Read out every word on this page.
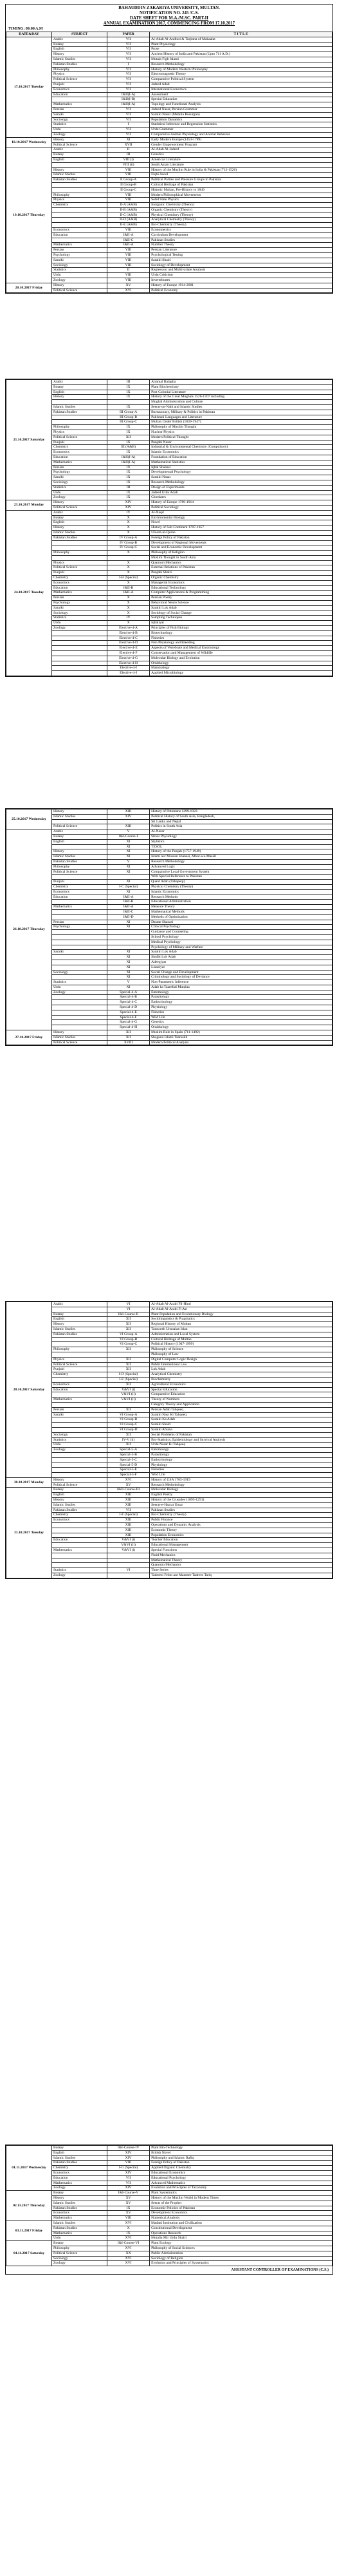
BAHAUDDIN ZAKARIYA UNIVERSITY, MULTAN.
NOTIFICATION NO. 245 /C.S.
DATE SHEET FOR M.A./M.SC. PART-II
ANNUAL EXAMINATION 2017, COMMENCING FROM 17.10.2017
TIMING: 09:00 A.M
DATE&DAY	SUBJECT	PAPER	T I T L E
17.10.2017 Tuesday	Arabic	VII	Al-Adab Al-Andlusi & Tarjuma of Makaalat
	Botany	VII	Plant Physiology
	English	VII	Prose
	History	VII	Ancient History of India and Pakistan (Upto 711 A.D.)
	Islamic Studies	VII	Mutala Figh Islami
	Pakistan Studies	I	Research Methodology
	Philosophy	VII	History of Modern Western Philosophy
	Physics	VII	Electromagnetic Theory
	Political Science	VII	Comparative Political System
	Punjabi	VII	Jadeed Adab
	Economics	VII	International Economics
	Education	I&II(I-A)	Assessment
		I&II(I-B)	Special Education
	Mathematics	I&II(I-A)	Topology and Functional Analysis
	Persian	VII	Jadeed Nasar, Persian Grammar
	Saraiki	VII	Saraiki Nasar (Mutalia Rusurgan)
	Sociology	VII	Population Dynamics
	Statistics	I	Statistical Inference and Regression Statistics
	Urdu	VII	Urdu Grammar
	Zoology	VII	Comparative Animal Physiology and Animal Behavior
18.10.2017 Wednesday	History	XI	Early Modern Europe (1453-1789)
	Political Science	XVII	Gender Empowerment Program
19.10.2017 Thursday	Arabic	II	Al-Adab Al-Jadeed
	Botany	III	Genetics
	English	VIII (i)	American Literature
		VIII (ii)	South Asian Literature
	History	VIII	History of the Muslim Rule in India & Pakistan (712-1526)
	Islamic Studies	VIII	Fiqhi Asool
	Pakistan Studies	II Group-A	Political Parties and Pressure Groups in Pakistan
		II Group-B	Cultural Heritage of Pakistan
		II Group-C	Historic Multan, Pre-History to 1849
	Philosophy	VIII	Modern Philosophical Movements
	Physics	VIII	Solid State Physics
	Chemistry	II-A (A&B)	Inorganic Chemistry (Theory)
		II-B (A&B)	Organic Chemistry (Theory)
		II-C (A&B)	Physical Chemistry (Theory)
		II-D (A&B)	Analytical Chemistry (Theory)
		II-E (A&B)	Bio-Chemistry (Theory)
	Economics	VIII	Econometrics
	Education	I&II-A	Curriculum Development
		I&II-C	Pakistan Studies
	Mathematics	I&II-A	Number Theory
	Persian	VIII	Persian Literature
	Psychology	VIII	Psychological Testing
	Saraiki	VIII	Saraiki Shairi
	Sociology	VIII	Sociology of Development
	Statistics	II	Regression and Multivariate Analysis
	Urdu	VIII	Urdu Criticism
	Zoology	VIII	Invertebrates
20.10.2017 Friday	History	XV	History of Europe 1914-2001
	Political Science	XVI	Political Economy
21.10.2017 Saturday	Arabic	III	Alramal Balagha
	Botany	IX	Plant Biochemistry
	English	IX	Post Colonial Literature
	History	IX	History of the Great Mughals 1526-1707 including
			Mughal Administration and Culture
	Islamic Studies	IX	Seerat-un-Nabi and Islamic Studies
	Pakistan Studies	III Group-A	Bureaucracy, Military & Politics in Pakistan
		III Group-B	Pakistani Languages and Literature
		III Group-C	Multan Under British (1849-1947)
	Philosophy	IX	Philosophy of Muslim Thought
	Physics	IX	Nuclear Physics
	Political Science	XII	Modern Political Thought
	Punjabi	IX	Punjabi Nasar
	Chemistry	III (A&B)	Industrial & Environmental Chemistry (Compulsory)
	Economics	IX	Islamic Economics
	Education	I&II(I-A)	Foundation of Education
	Mathematics	I&II(I-A)	Mathematical Statistics
	Persian	IX	Iqbal Shanasi
	Psychology	IX	Developmental Psychology
	Saraiki	IX	Saraiki Nasar
	Sociology	IX	Research Methodology
	Statistics	III	Design of Experiments
	Urdu	IX	Jadeed Urdu Adab
	Zoology	IX	Chordates
23.10.2017 Monday	History	XIV	History of Europe 1789-1914
	Political Science	XIV	Political Sociology
24.10.2017 Tuesday	Arabic	IV	Al-Naqd
	Botany	X	Environmental Biology
	English	X	Novel
	History	X	History of Sub Continent 1707-1857
	Islamic Studies	X	Uloom-ul-Quran
	Pakistan Studies	IV Group-A	Foreign Policy of Pakistan
		IV Group-B	Development of Regional Movements
		IV Group-C	Social and Economic Development
	Philosophy	X	Philosophy of Religion
			Muslim Thought in South Asia
	Physics	X	Quantum Mechanics
	Political Science	X	External Relations of Pakistan
	Punjabi	X	Punjabi Shairi
	Chemistry	I-B (Special)	Organic Chemistry
	Economics	X	Managerial Economics
	Education	I&II-B	Educational Technology
	Mathematics	I&II-A	Computer Applications & Programming
	Persian	X	Persian Poetry
	Psychology	X	Behavioral Neuro Science
	Saraiki	X	Saraiki Lok Adab
	Sociology	X	Sociology of Social Change
	Statistics	IV	Sampling Techniques
	Urdu	X	Iqbaliyat
	Zoology	Elective-4-A	Principles of Fish Biology
		Elective-4-B	Biotechnology
		Elective-4-C	Fisheries
		Elective-4-D	Fish Physiology and Breeding
		Elective-4-E	Aspects of Vertebrate and Medical Entomology
		Elective-4-F	Conservation and Management of Wildlife
		Elective-4-G	Molecular Biology and Evolution
		Elective-4-H	Ornithology
		Elective-4-I	Mammalogy
		Elective-4-J	Applied Microbiology
25.10.2017 Wednesday	History	XIII	History of Ottomans 1299-1923
	Islamic Studies	XIV	Political History of South Asia, Bangladesh,
			Sri Lanka and Nepal
	Political Science	XIII	Politics in South Asia
26.10.2017 Thursday	Arabic	V	Al-Nasar
	Botany	I&I-Course-I	Stress Physiology
	English	XI	Stylistics
		XI	TESOL
	History	XI	History of the Punjab (1757-1949)
	Islamic Studies	XI	Islami aur Mussan Shanasi, Afkar-wa-Masail
	Pakistan Studies	V	Research Methodology
	Philosophy	XI	Advanced Logic
	Political Science	XI	Comparative Local Government System
			With Special Reference to Pakistan
	Punjabi	XI	Quaid Adab (Tahqeeqi)
	Chemistry	I-C (Special)	Physical Chemistry (Theory)
	Economics	XI	Islamic Economics
	Education	I&II-A	Research Methods
		I&II-B	Educational Administration
	Mathematics	I&II-A	Measure Theory
		I&II-C	Mathematical Methods
		I&II-D	Methods of Optimization
	Persian	XI	Dastan Shanasi
	Psychology	XI	Clinical Psychology
			Guidance and Counseling
			School Psychology
			Medical Psychology
			Psychology of Military and Warfare
	Saraiki	XI	Saraiki Lok Adab
		XI	Sindhi Lok Adab
		XI	Adeegiyat
		XI	Lisaniyat
	Sociology	XI	Social Change and Development
		XI	Criminology and Sociology of Deviance
	Statistics	V	Non-Parametric Inference
	Urdu	XI	Adab ka Taarefati Mutalaa
	Zoology	Special-4-A	Entomology
		Special-4-B	Parasitology
		Special-4-C	Endocrinology
		Special-4-D	Physiology
		Special-4-E	Fisheries
		Special-4-F	Wild Life
		Special-4-G	Genetics
		Special-4-H	Ornithology
27.10.2017 Friday	History	XII	Muslim Rule in Spain (711-1492)
	Islamic Studies	XII	Shaguna Islami Taareekh
	Political Science	XVIII	Modern Political Analysis
28.10.2017 Saturday	Arabic	VI	Al-Adab Al-Arabi Fil-Hind
		VI	Al-Adab Al-Arabi Fi Asr
	Botany	I&I-Course-II	Plant Population and Evolutionary Biology
	English	XII	Sociolinguistics & Pragmatics
	History	XII	Regional History of Multan
	Islamic Studies	XII	Taraweeh Unsoalan Islan
	Pakistan Studies	VI Group-A	Administration and Local System
		VI Group-B	Cultural Heritage of Multan
		VI Group-C	Political History (1947-1999)
	Philosophy	XII	Philosophy of Science
			Philosophy of Law
	Physics	XII	Digital Computer Logic Design
	Political Science	XII	Public International Law
	Punjabi	XII	Lok Adab
	Chemistry	I-D (Special)	Analytical Chemistry
		I-E (Special)	Biochemistry
	Economics	XII	Agricultural Economics
	Education	V&VI (i)	Special Education
		V&VI (ii)	Comparative Education
	Mathematics	V&VI (ii)	Theory of Numbers
			Category Theory and Application
	Persian	XII	Persian Adab Tahqeeq
	Saraiki	VI Group-A	Saraiki Nasr Ki Tahqeeq
		VI Group-B	Saraiki Ka Adab
		VI Group-C	Saraiki Shairi
		VI Group-D	Saraiki Afsana
	Sociology	XII	Social Problems of Pakistan
	Statistics	IV-V (ii)	Bio-Statistics, Epidemiology and Survival Analysis
	Urdu	XII	Urdu Nasar Ki Tahqeeq
	Zoology	Special-5-A	Entomology
		Special-5-B	Parasitology
		Special-5-C	Endocrinology
		Special-5-D	Physiology
		Special-5-E	Fisheries
		Special-5-F	Wild Life
30.10.2017 Monday	History	XVI	History of USA 1765-1919
	Political Science	XV	Research Methodology
31.10.2017 Tuesday	Botany	I&II-Course-III	Molecular Biology
	English	XIII	English Poetry
	History	XIII	History of the Crusades (1095-1291)
	Islamic Studies	XIII	Seerat-e-Hazrat Umar
	Pakistan Studies	VII	Pakistan Studies
	Chemistry	I-F (Special)	Bio-Chemistry (Theory)
	Economics	XIII	Public Finance
		XIII	Operations and Dynamic Analysis
		XIII	Economic Theory
		XIII	Population Economics
	Education	V&VI (i)	Teacher Education
		V&VI (ii)	Educational Management
	Mathematics	V&VI (i)	Special Functions
			Fluid Mechanics
			Mathematical Theory
			Quantum Mechanics
	Statistics	VI	Time Series
	Zoology		Tadreesi Fehm aur Manmee Tadrees Tariq
01.11.2017 Wednesday	Botany	I&I-Course-IV	Plant Bio-Technology
	English	XIV	British Novel
	Islamic Studies	XIV	Philosophy and Islamic Rafiq
	Pakistan Studies	VIII	Foreign Policy of Pakistan
	Chemistry	I-G (Special)	Applied Organic Chemistry
	Economics	XIV	Educational Economics
	Education	VII	Educational Psychology
	Mathematics	VII	Advanced Mathematics
	Zoology	XIV	Evolution and Principles of Taxonomy
02.11.2017 Thursday	Botany	I&I-Course-V	Plant Systematics
	History	XV	History of the Muslim World in Modern Times
	Islamic Studies	XV	Seerat of the Prophet
	Pakistan Studies	IX	Economic Policies of Pakistan
	Economics	XV	Development Economics
	Mathematics	VIII	Numerical Analysis
03.11.2017 Friday	Islamic Studies	XVI	Madani Institution and Civilization
	Pakistan Studies	X	Constitutional Development
	Mathematics	IX	Operations Research
	Urdu	XVI	Mutalia Mir Urdu Shairi
04.11.2017 Saturday	Botany	I&I-Course-VI	Plant Ecology
	Philosophy	XVI	Philosophy of Social Sciences
	Political Science	XX	Public Administration
	Sociology	XVI	Sociology of Religion
	Zoology	XVI	Evolution and Principles of Systematics
ASSISTANT CONTROLLER OF EXAMINATIONS (C.S.)
